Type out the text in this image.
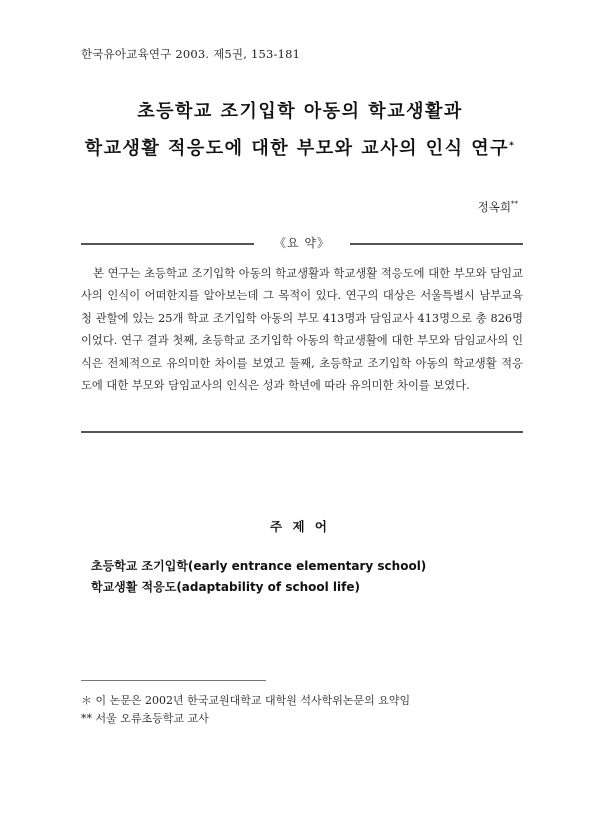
한국유아교육연구 2003. 제5권, 153-181
초등학교 조기입학 아동의 학교생활과
학교생활 적응도에 대한 부모와 교사의 인식 연구*
정옥희**
《요 약》

본 연구는 초등학교 조기입학 아동의 학교생활과 학교생활 적응도에 대한 부모와 담임교사의 인식이 어떠한지를 알아보는데 그 목적이 있다. 연구의 대상은 서울특별시 남부교육청 관할에 있는 25개 학교 조기입학 아동의 부모 413명과 담임교사 413명으로 총 826명이었다. 연구 결과 첫째, 초등학교 조기입학 아동의 학교생활에 대한 부모와 담임교사의 인식은 전체적으로 유의미한 차이를 보였고 둘째, 초등학교 조기입학 아동의 학교생활 적응도에 대한 부모와 담임교사의 인식은 성과 학년에 따라 유의미한 차이를 보였다.

주 제 어
초등학교 조기입학(early entrance elementary school)
학교생활 적응도(adaptability of school life)
＊ 이 논문은 2002년 한국교원대학교 대학원 석사학위논문의 요약임
** 서울 오류초등학교 교사
